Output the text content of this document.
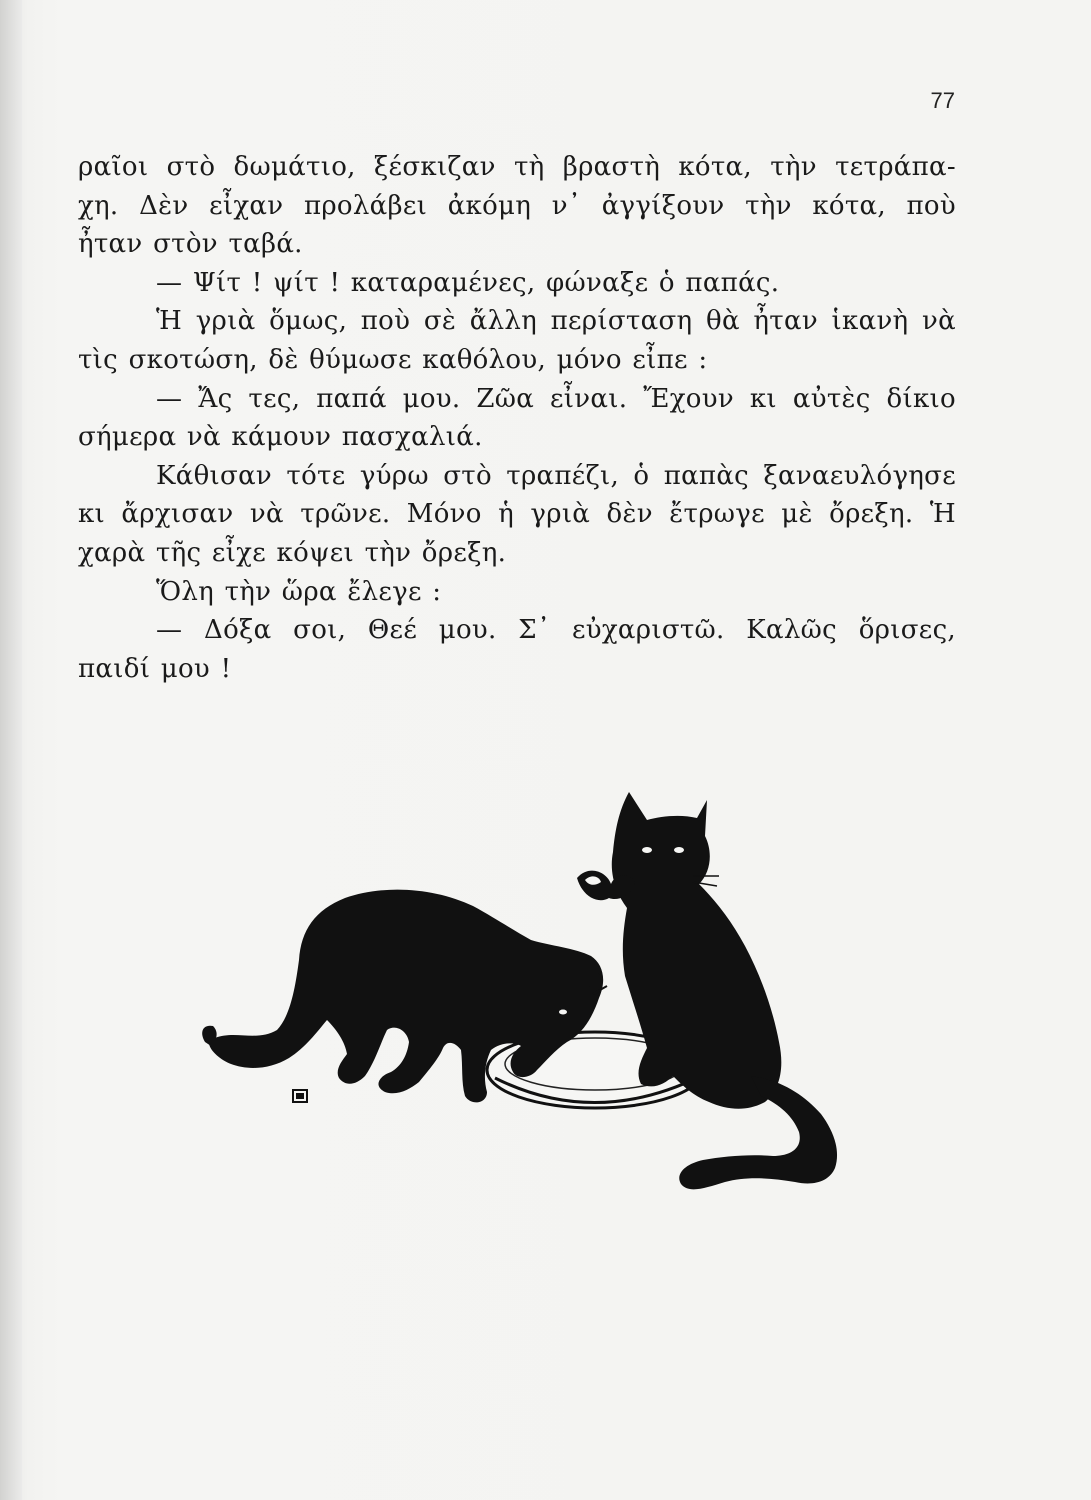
77
ραῖοι στὸ δωμάτιο, ξέσκιζαν τὴ βραστὴ κότα, τὴν τετράπα-
χη. Δὲν εἶχαν προλάβει ἀκόμη ν᾽ ἀγγίξουν τὴν κότα, ποὺ
ἦταν στὸν ταβά.
— Ψίτ ! ψίτ ! καταραμένες, φώναξε ὁ παπάς.
Ἡ γριὰ ὅμως, ποὺ σὲ ἄλλη περίσταση θὰ ἦταν ἱκανὴ νὰ
τὶς σκοτώση, δὲ θύμωσε καθόλου, μόνο εἶπε :
— Ἄς τες, παπά μου. Ζῶα εἶναι. Ἔχουν κι αὐτὲς δίκιο
σήμερα νὰ κάμουν πασχαλιά.
Κάθισαν τότε γύρω στὸ τραπέζι, ὁ παπὰς ξαναευλόγησε
κι ἄρχισαν νὰ τρῶνε. Μόνο ἡ γριὰ δὲν ἔτρωγε μὲ ὄρεξη. Ἡ
χαρὰ τῆς εἶχε κόψει τὴν ὄρεξη.
Ὅλη τὴν ὥρα ἔλεγε :
— Δόξα σοι, Θεέ μου. Σ᾽ εὐχαριστῶ. Καλῶς ὅρισες,
παιδί μου !
